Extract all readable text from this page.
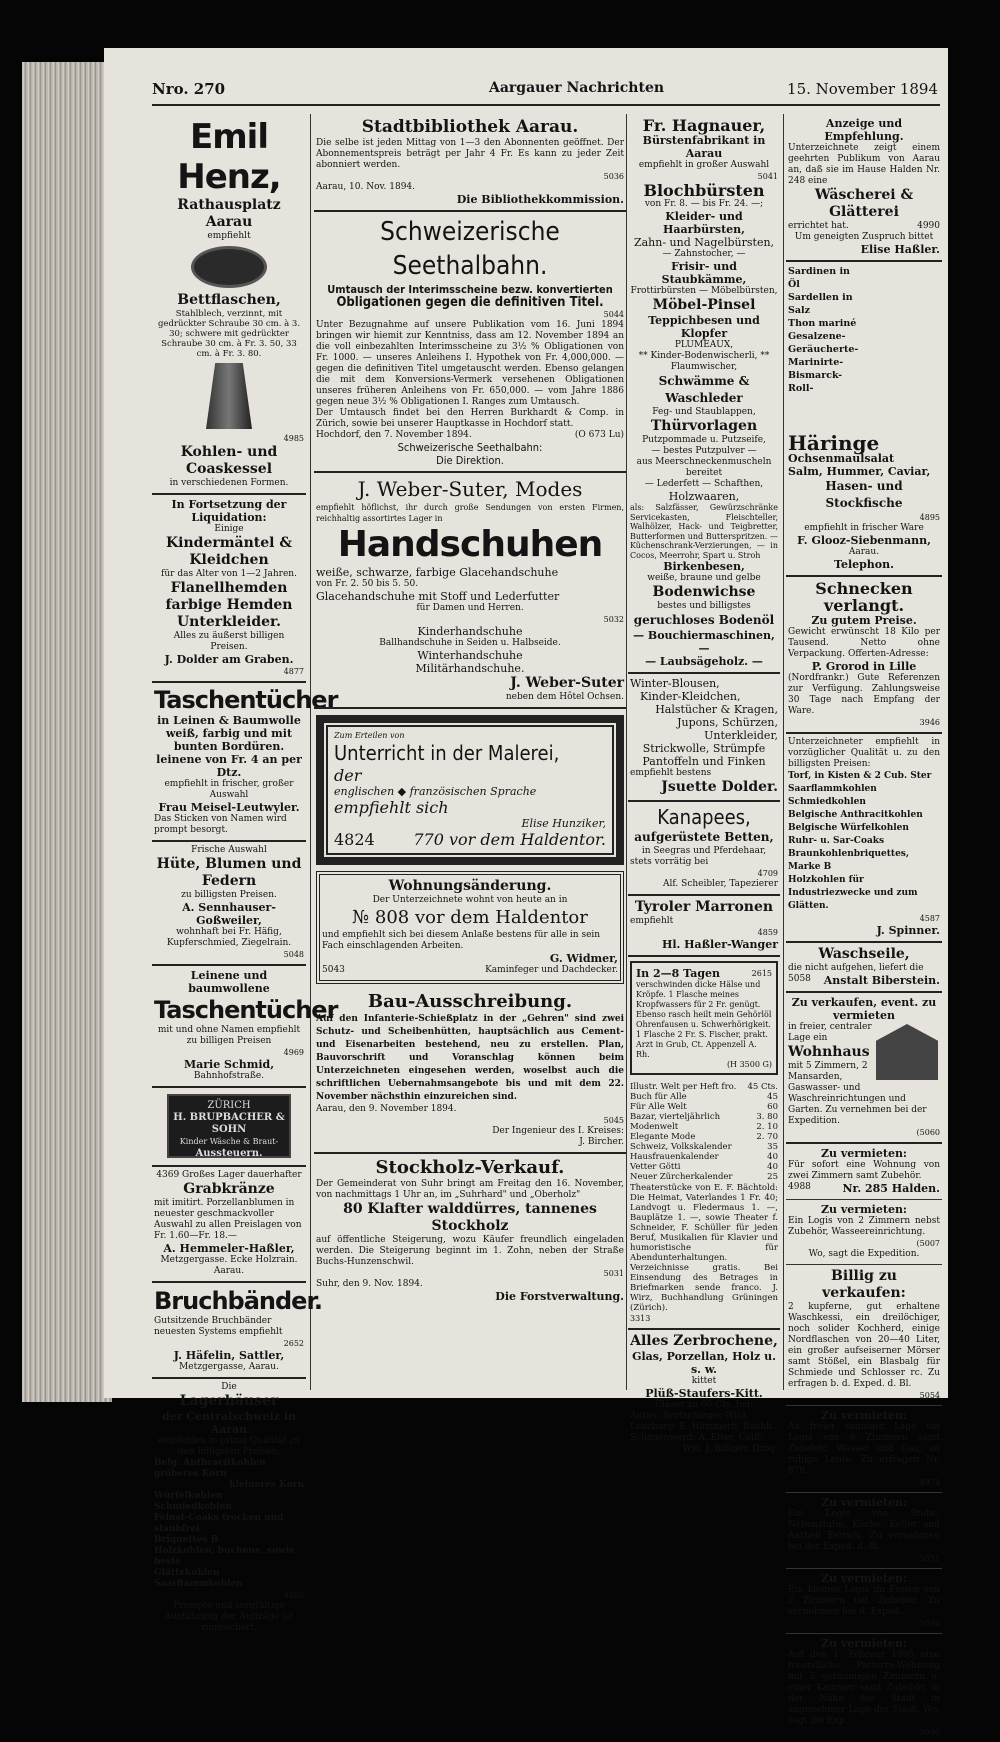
Nro. 270	Aargauer Nachrichten	15. November 1894
Emil Henz,
Rathausplatz Aarau
empfiehlt
Bettflaschen,
Stahlblech, verzinnt, mit gedrückter Schraube 30 cm. à 3. 30; schwere mit gedrückter Schraube 30 cm. à Fr. 3. 50, 33 cm. à Fr. 3. 80.
4985
Kohlen- und Coaskessel
in verschiedenen Formen.
In Fortsetzung der Liquidation:
Einige
Kindermäntel & Kleidchen
für das Alter von 1—2 Jahren.
Flanellhemden
farbige Hemden
Unterkleider.
Alles zu äußerst billigen Preisen.
J. Dolder am Graben.
4877
Taschentücher
in Leinen & Baumwolle weiß, farbig und mit bunten Bordüren.
leinene von Fr. 4 an per Dtz.
empfiehlt in frischer, großer Auswahl
Frau Meisel-Leutwyler.
Das Sticken von Namen wird prompt besorgt.
Frische Auswahl
Hüte, Blumen und Federn
zu billigsten Preisen.
A. Sennhauser-Goßweiler,
wohnhaft bei Fr. Häfig, Kupferschmied, Ziegelrain.
5048
Leinene und baumwollene
Taschentücher
mit und ohne Namen empfiehlt zu billigen Preisen
4969
Marie Schmid,
Bahnhofstraße.
ZÜRICH
H. BRUPBACHER & SOHN
Kinder Wäsche & Braut-
Aussteuern.
4369 Großes Lager dauerhafter
Grabkränze
mit imitirt. Porzellanblumen in neuester geschmackvoller Auswahl zu allen Preislagen von Fr. 1.60—Fr. 18.—
A. Hemmeler-Haßler,
Metzgergasse. Ecke Holzrain. Aarau.
Bruchbänder.
Gutsitzende Bruchbänder neuesten Systems empfiehlt
2652
J. Häfelin, Sattler,
Metzgergasse, Aarau.
Die
Lagerhäuser
der Centralschweiz in Aarau
empfehlen in prima Qualität zu den billigsten Preisen:
Belg. Anthracitkohlen gröberes Korn
kleineres Korn
Würfelkohlen
Schmiedkohlen
Feinst-Coaks trocken und staubfrei
Briquettes B
Holzkohlen, buchene, sowie beste
Glättekohlen
Saarflammkohlen
4405
Prompte und sorgfältige Ausführung der Aufträge ist zugesichert.
Stadtbibliothek Aarau.
Die selbe ist jeden Mittag von 1—3 den Abonnenten geöffnet. Der Abonnementspreis beträgt per Jahr 4 Fr. Es kann zu jeder Zeit abonniert werden.
5036
Aarau, 10. Nov. 1894.
Die Bibliothekkommission.
Schweizerische Seethalbahn.
Umtausch der Interimsscheine bezw. konvertierten
Obligationen gegen die definitiven Titel.
5044
Unter Bezugnahme auf unsere Publikation vom 16. Juni 1894 bringen wir hiemit zur Kenntniss, dass am 12. November 1894 an die voll einbezahlten Interimsscheine zu 3½ % Obligationen von Fr. 1000. — unseres Anleihens I. Hypothek von Fr. 4,000,000. — gegen die definitiven Titel umgetauscht werden. Ebenso gelangen die mit dem Konversions-Vermerk versehenen Obligationen unseres früheren Anleihens von Fr. 650,000. — vom Jahre 1886 gegen neue 3½ % Obligationen I. Ranges zum Umtausch.
Der Umtausch findet bei den Herren Burkhardt & Comp. in Zürich, sowie bei unserer Hauptkasse in Hochdorf statt.
Hochdorf, den 7. November 1894.	(O 673 Lu)
Schweizerische Seethalbahn:
Die Direktion.
J. Weber-Suter, Modes
empfiehlt höflichst, ihr durch große Sendungen von ersten Firmen, reichhaltig assortirtes Lager in
Handschuhen
weiße, schwarze, farbige Glacehandschuhe
von Fr. 2. 50 bis 5. 50.
Glacehandschuhe mit Stoff und Lederfutter
für Damen und Herren.
5032
Kinderhandschuhe
Ballhandschuhe in Seiden u. Halbseide.
Winterhandschuhe
Militärhandschuhe.
J. Weber-Suter
neben dem Hôtel Ochsen.
Zum Erteilen von
Unterricht in der Malerei,
der
englischen ◆ französischen Sprache
empfiehlt sich
Elise Hunziker,
4824 770 vor dem Haldentor.
Wohnungsänderung.
Der Unterzeichnete wohnt von heute an in
№ 808 vor dem Haldentor
und empfiehlt sich bei diesem Anlaße bestens für alle in sein Fach einschlagenden Arbeiten.
G. Widmer,
5043	Kaminfeger und Dachdecker.
Bau-Ausschreibung.
Auf den Infanterie-Schießplatz in der „Gehren" sind zwei Schutz- und Scheibenhütten, hauptsächlich aus Cement- und Eisenarbeiten bestehend, neu zu erstellen. Plan, Bauvorschrift und Voranschlag können beim Unterzeichneten eingesehen werden, woselbst auch die schriftlichen Uebernahmsangebote bis und mit dem 22. November nächsthin einzureichen sind.
Aarau, den 9. November 1894.
5045
Der Ingenieur des I. Kreises:
J. Bircher.
Stockholz-Verkauf.
Der Gemeinderat von Suhr bringt am Freitag den 16. November, von nachmittags 1 Uhr an, im „Suhrhard" und „Oberholz"
80 Klafter walddürres, tannenes Stockholz
auf öffentliche Steigerung, wozu Käufer freundlich eingeladen werden. Die Steigerung beginnt im 1. Zohn, neben der Straße Buchs-Hunzenschwil.
5031
Suhr, den 9. Nov. 1894.
Die Forstverwaltung.
Fr. Hagnauer,
Bürstenfabrikant in Aarau
empfiehlt in großer Auswahl
5041
Blochbürsten
von Fr. 8. — bis Fr. 24. —;
Kleider- und Haarbürsten,
Zahn- und Nagelbürsten,
— Zahnstocher, —
Frisir- und Staubkämme,
Frottirbürsten — Möbelbürsten,
Möbel-Pinsel
Teppichbesen und Klopfer
PLUMEAUX,
** Kinder-Bodenwischerli, **
Flaumwischer,
Schwämme & Waschleder
Feg- und Staublappen,
Thürvorlagen
Putzpommade u. Putzseife,
— bestes Putzpulver —
aus Meerschneckenmuscheln bereitet
— Lederfett — Schafthen,
Holzwaaren,
als: Salzfässer, Gewürzschränke Servicekasten, Fleischteller, Walhölzer, Hack- und Teigbretter, Butterformen und Butterspritzen. — Küchenschrank-Verzierungen, — in Cocos, Meerrohr, Spart u. Stroh
Birkenbesen,
weiße, braune und gelbe
Bodenwichse
bestes und billigstes
geruchloses Bodenöl
— Bouchiermaschinen, —
— Laubsägeholz. —
Winter-Blousen,
Kinder-Kleidchen,
Halstücher & Kragen,
Jupons, Schürzen,
Unterkleider,
Strickwolle, Strümpfe
Pantoffeln und Finken
empfiehlt bestens
Jsuette Dolder.
Kanapees,
aufgerüstete Betten,
in Seegras und Pferdehaar,
stets vorrätig bei
4709
Alf. Scheibler, Tapezierer
Tyroler Marronen
empfiehlt
4859
Hl. Haßler-Wanger
In 2—8 Tagen	2615
verschwinden dicke Hälse und Kröpfe. 1 Flasche meines Kropfwassers für 2 Fr. genügt. Ebenso rasch heilt mein Gehörlöl Ohrenfausen u. Schwerhörigkeit. 1 Flasche 2 Fr. S. Fischer, prakt. Arzt in Grub, Ct. Appenzell A. Rh.
(H 3500 G)
Illustr. Welt per Heft fro. 45 Cts.
Buch für Alle	45
Für Alle Welt	60
Bazar, vierteljährlich	3. 80
Modenwelt	2. 10
Elegante Mode	2. 70
Schweiz, Volkskalender	35
Hausfrauenkalender	40
Vetter Götti	40
Neuer Zürcherkalender	25

Theaterstücke von E. F. Bächtold: Die Heimat, Vaterlandes 1 Fr. 40; Landvogt u. Fledermaus 1. —, Bauplätze 1. —, sowie Theater f. Schneider, F. Schüller für jeden Beruf, Musikalien für Klavier und humoristische für Abendunterhaltungen. Verzeichnisse gratis. Bei Einsendung des Betrages in Briefmarken sende franco. J. Wirz, Buchhandlung Grüningen (Zürich).

3313
Alles Zerbrochene,
Glas, Porzellan, Holz u. s. w.
kittet
Plüß-Staufers-Kitt.
Gläser zu 60 Cts. bei:
Aarau: Bertschinger-Wild.
Lenzburg: E. Hämmerli, Buchh.
Schönenwerd: A. Etter, Coiff.
Wyl: J. Billiger, Drog.
Anzeige und Empfehlung.
Unterzeichnete zeigt einem geehrten Publikum von Aarau an, daß sie im Hause Halden Nr. 248 eine
Wäscherei & Glätterei
errichtet hat.	4990
Um geneigten Zuspruch bittet
Elise Haßler.
Sardinen in Öl
Sardellen in Salz
Thon mariné
Gesalzene-
Geräucherte-
Marinirte-
Bismarck-
Roll-
Häringe
Ochsenmaulsalat
Salm, Hummer, Caviar,
Hasen- und Stockfische
4895
empfiehlt in frischer Ware
F. Glooz-Siebenmann,
Aarau.
Telephon.
Schnecken verlangt.
Zu gutem Preise.
Gewicht erwünscht 18 Kilo per Tausend. Netto ohne Verpackung. Offerten-Adresse:
P. Grorod in Lille
(Nordfrankr.) Gute Referenzen zur Verfügung. Zahlungsweise 30 Tage nach Empfang der Ware.
3946
Unterzeichneter empfiehlt in vorzüglicher Qualität u. zu den billigsten Preisen:
Torf, in Kisten & 2 Cub. Ster
Saarflammkohlen
Schmiedkohlen
Belgische Anthracitkohlen
Belgische Würfelkohlen
Ruhr- u. Sar-Coaks
Braunkohlenbriquettes, Marke B
Holzkohlen für Industriezwecke und zum Glätten.
4587
J. Spinner.
Waschseile,
die nicht aufgehen, liefert die
5058 Anstalt Biberstein.
Zu verkaufen, event. zu vermieten
in freier, centraler Lage ein
Wohnhaus
mit 5 Zimmern, 2 Mansarden, Gaswasser- und Waschreinrichtungen und Garten. Zu vernehmen bei der Expedition.
(5060
Zu vermieten:
Für sofort eine Wohnung von zwei Zimmern samt Zubehör.
4988	Nr. 285 Halden.
Zu vermieten:
Ein Logis von 2 Zimmern nebst Zubehör, Wasseereinrichtung.
(5007
Wo, sagt die Expedition.
Billig zu verkaufen:
2 kupferne, gut erhaltene Waschkessi, ein dreilöchiger, noch solider Kochherd, einige Nordflaschen von 20—40 Liter, ein großer aufseiserner Mörser samt Stößel, ein Blasbalg für Schmiede und Schlosser rc. Zu erfragen b. d. Exped. d. Bl.
5054
Zu vermieten:
An freier sonniger Lage ein Logis von 6 Zimmern samt Zubehör, Wasser und Gas, an ruhige Leute. Zu erfragen Nr. 878.
4974
Zu vermieten:
Ein Logis von Stube, Nebenstube, Küche, Keller und Antheil Estrich. Zu vernehmen bei der Exped. d. Bl.
5051
Zu vermieten:
Ein kleines Logis im Freien von 2 Zimmern mit Zubehör. Zu vernehmen bei d. Exped.
5094
Zu vermieten:
Auf den 1. Februar 1895 eine freundliche Parterre-Wohnung mit 2 geräumigen Zimmern u. einer Kammer samt Zubehör, in der Nähe der Stadt in angenehmer Lage der Stadt. Wo, sagt die Exp.
5090
